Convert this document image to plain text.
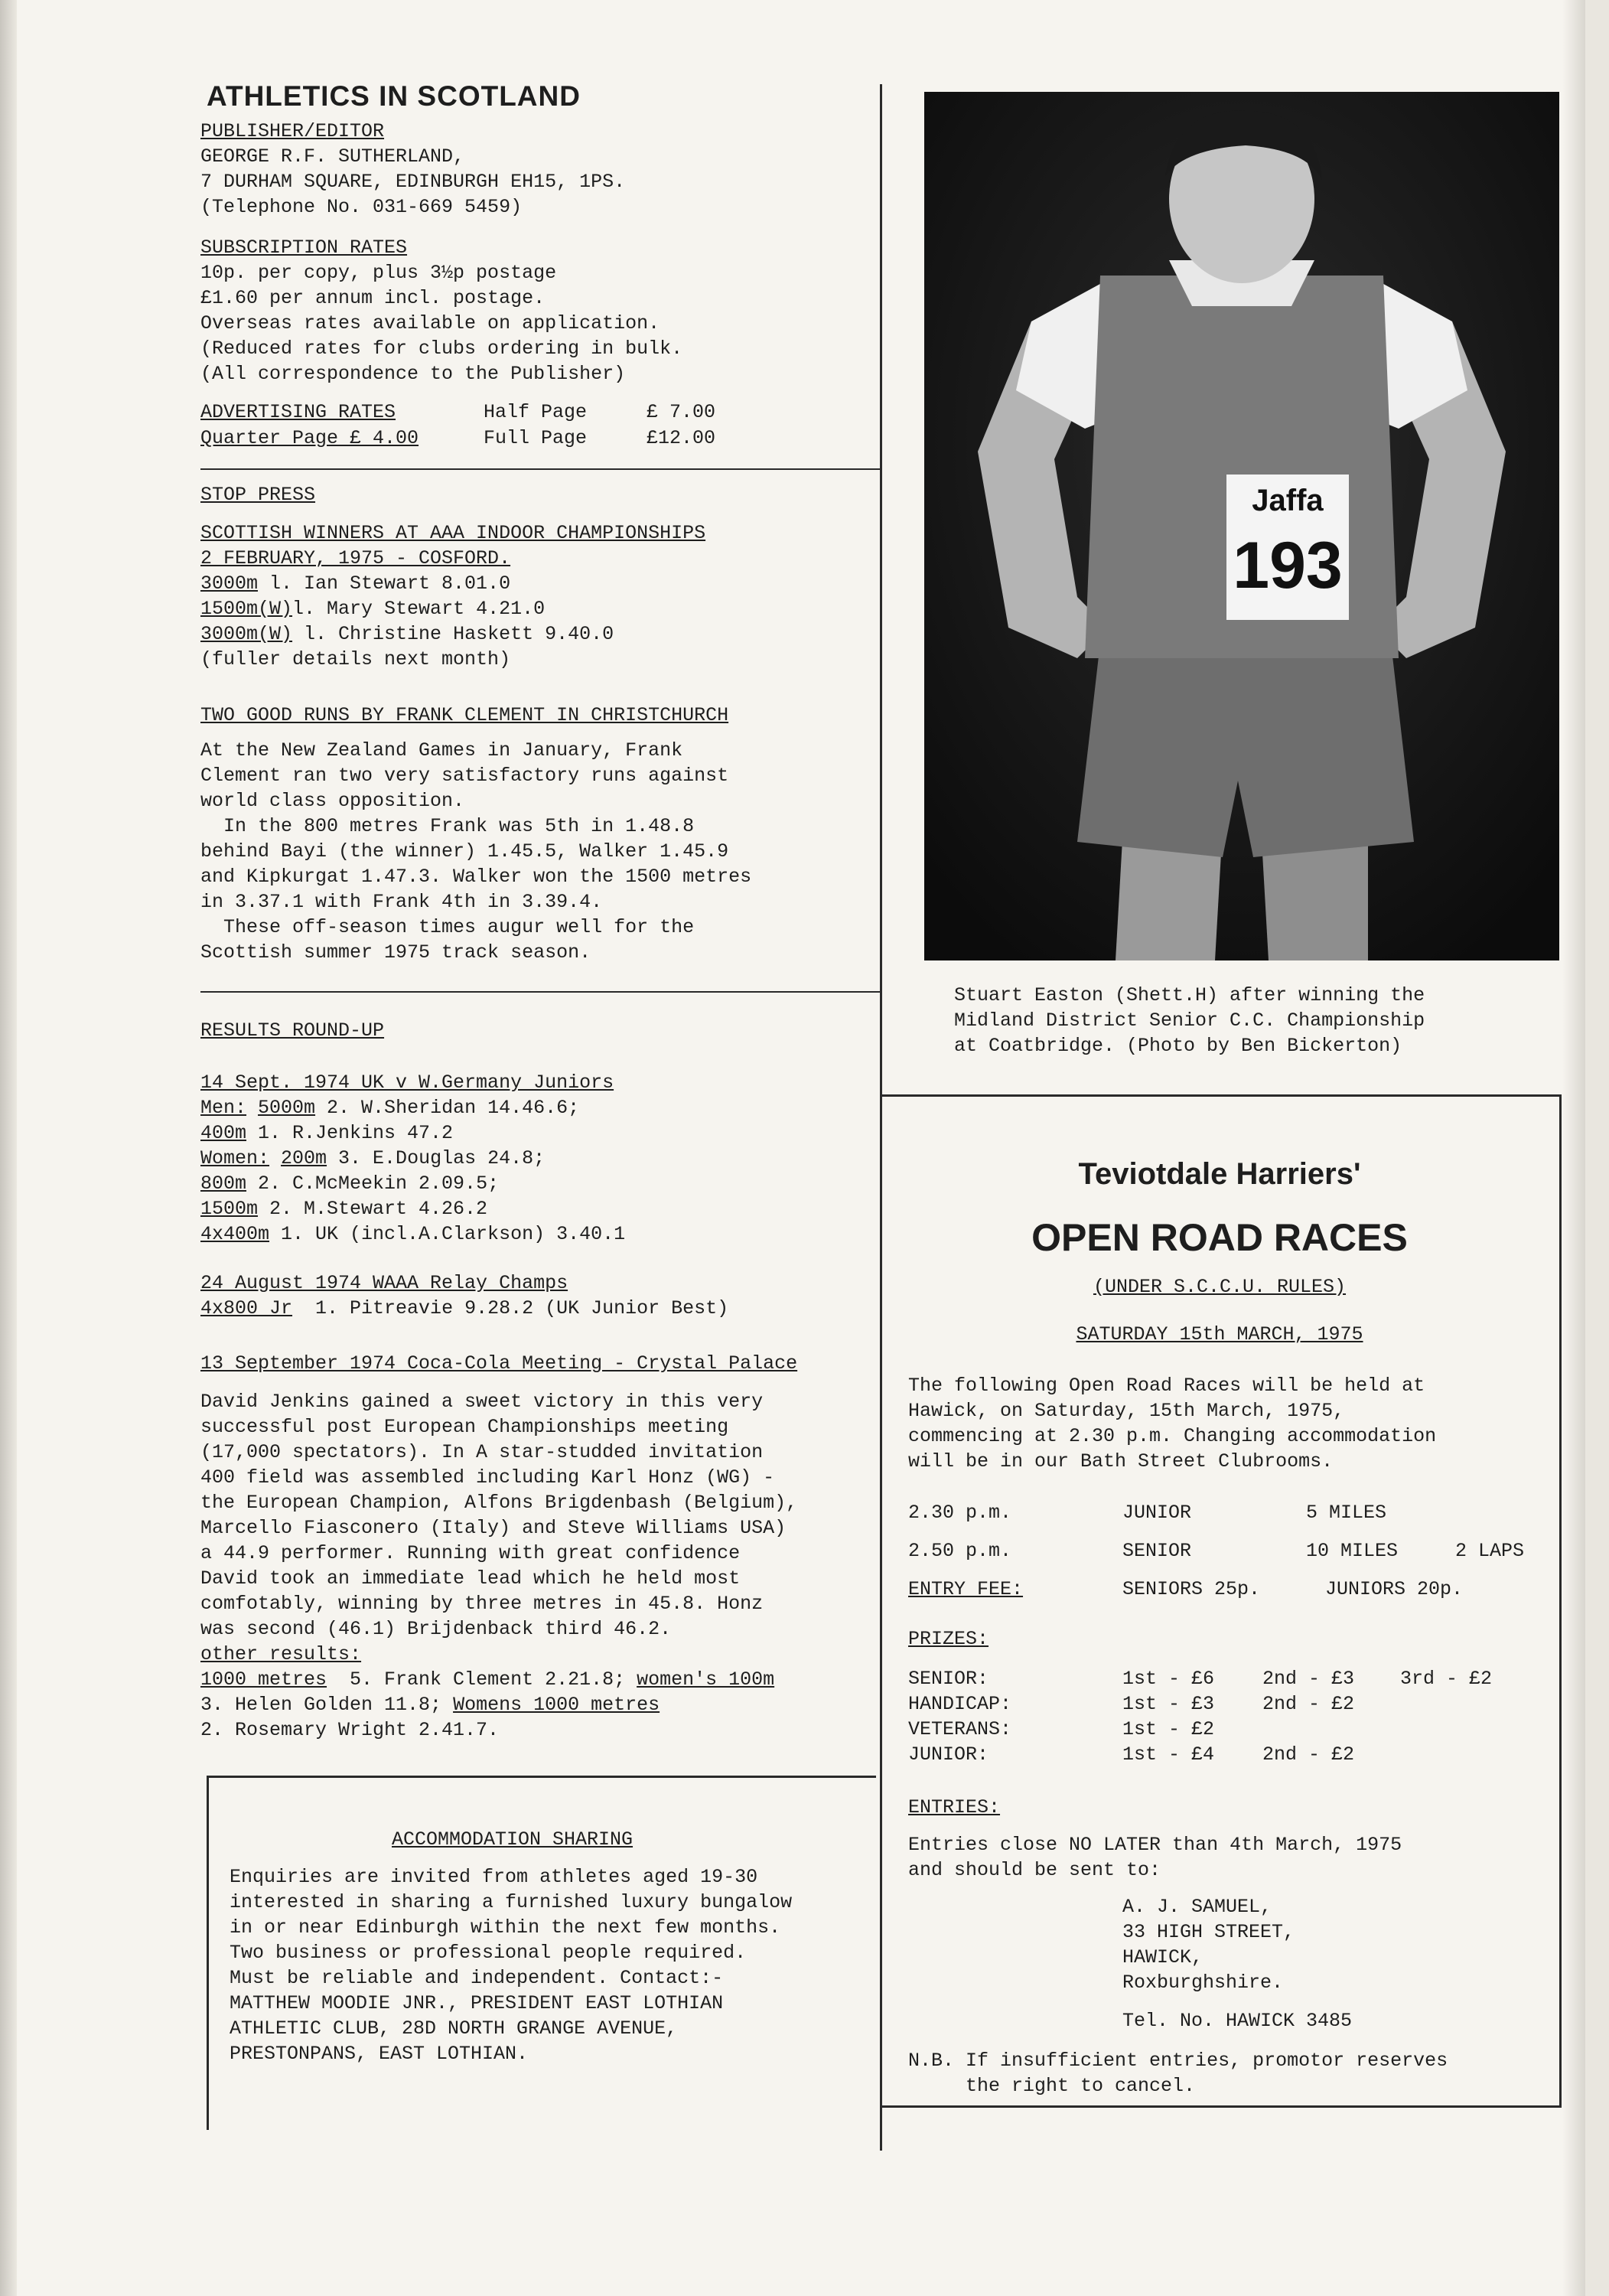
ATHLETICS IN SCOTLAND
PUBLISHER/EDITOR
GEORGE R.F. SUTHERLAND,
7 DURHAM SQUARE, EDINBURGH EH15, 1PS.
(Telephone No. 031-669 5459)
SUBSCRIPTION RATES
10p. per copy, plus 3½p postage
£1.60 per annum incl. postage.
Overseas rates available on application.
(Reduced rates for clubs ordering in bulk.
(All correspondence to the Publisher)
ADVERTISING RATES	Half Page	£ 7.00
Quarter Page £ 4.00	Full Page	£12.00
STOP PRESS
SCOTTISH WINNERS AT AAA INDOOR CHAMPIONSHIPS
2 FEBRUARY, 1975 - COSFORD.
3000m l. Ian Stewart 8.01.0
1500m(W)l. Mary Stewart 4.21.0
3000m(W) l. Christine Haskett 9.40.0
(fuller details next month)
TWO GOOD RUNS BY FRANK CLEMENT IN CHRISTCHURCH
At the New Zealand Games in January, Frank
Clement ran two very satisfactory runs against
world class opposition.
In the 800 metres Frank was 5th in 1.48.8
behind Bayi (the winner) 1.45.5, Walker 1.45.9
and Kipkurgat 1.47.3. Walker won the 1500 metres
in 3.37.1 with Frank 4th in 3.39.4.
These off-season times augur well for the
Scottish summer 1975 track season.
RESULTS ROUND-UP
14 Sept. 1974 UK v W.Germany Juniors
Men: 5000m 2. W.Sheridan 14.46.6;
400m 1. R.Jenkins 47.2
Women: 200m 3. E.Douglas 24.8;
800m 2. C.McMeekin 2.09.5;
1500m 2. M.Stewart 4.26.2
4x400m 1. UK (incl.A.Clarkson) 3.40.1
24 August 1974 WAAA Relay Champs
4x800 Jr  1. Pitreavie 9.28.2 (UK Junior Best)
13 September 1974 Coca-Cola Meeting - Crystal Palace
David Jenkins gained a sweet victory in this very
successful post European Championships meeting
(17,000 spectators). In A star-studded invitation
400 field was assembled including Karl Honz (WG) -
the European Champion, Alfons Brigdenbash (Belgium),
Marcello Fiasconero (Italy) and Steve Williams USA)
a 44.9 performer. Running with great confidence
David took an immediate lead which he held most
comfotably, winning by three metres in 45.8. Honz
was second (46.1) Brijdenback third 46.2.
other results:
1000 metres  5. Frank Clement 2.21.8; women's 100m
3. Helen Golden 11.8; Womens 1000 metres
2. Rosemary Wright 2.41.7.
ACCOMMODATION SHARING
Enquiries are invited from athletes aged 19-30
interested in sharing a furnished luxury bungalow
in or near Edinburgh within the next few months.
Two business or professional people required.
Must be reliable and independent. Contact:-
MATTHEW MOODIE JNR., PRESIDENT EAST LOTHIAN
ATHLETIC CLUB, 28D NORTH GRANGE AVENUE,
PRESTONPANS, EAST LOTHIAN.
Jaffa
193
Stuart Easton (Shett.H) after winning the
Midland District Senior C.C. Championship
at Coatbridge. (Photo by Ben Bickerton)
Teviotdale Harriers'
OPEN ROAD RACES
(UNDER S.C.C.U. RULES)
SATURDAY 15th MARCH, 1975
The following Open Road Races will be held at
Hawick, on Saturday, 15th March, 1975,
commencing at 2.30 p.m. Changing accommodation
will be in our Bath Street Clubrooms.
2.30 p.m.	JUNIOR	5 MILES
2.50 p.m.	SENIOR	10 MILES	2 LAPS
ENTRY FEE:	SENIORS 25p.	JUNIORS 20p.
PRIZES:
SENIOR:	1st - £6	2nd - £3 3rd - £2
HANDICAP:	1st - £3	2nd - £2
VETERANS:	1st - £2
JUNIOR:	1st - £4	2nd - £2
ENTRIES:
Entries close NO LATER than 4th March, 1975
and should be sent to:
A. J. SAMUEL,
33 HIGH STREET,
HAWICK,
Roxburghshire.
Tel. No. HAWICK 3485
N.B. If insufficient entries, promotor reserves
the right to cancel.
